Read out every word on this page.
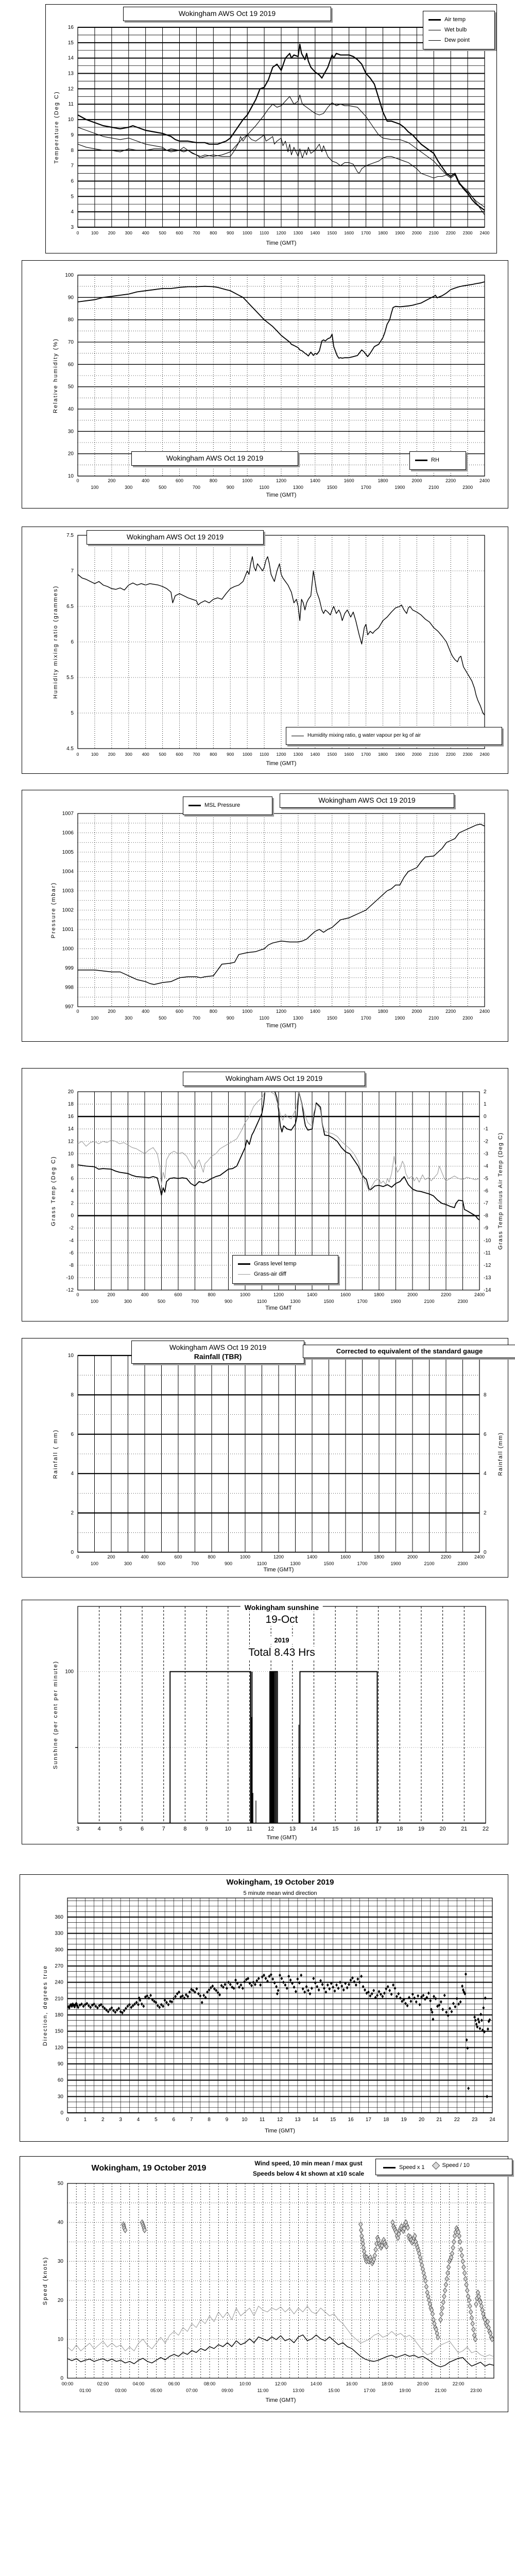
3
4
5
6
7
8
9
10
11
12
13
14
15
16
0	100 200 300 400 500 600 700 800 900 1000 1100 1200 1300 1400 1500 1600 1700 1800 1900 2000 2100 2200 2300 2400
Time (GMT)
Temperature (Deg C)
Wokingham AWS Oct 19 2019
Air temp
Wet bulb
Dew point
10
20
30
40
50
60
70
80
90
100
0
100
200
300
400
500
600
700
800
900
1000
1100
1200
1300
1400
1500
1600
1700
1800
1900
2000
2100
2200
2300
2400
Time (GMT)
Relative humidity (%)
Wokingham AWS Oct 19 2019	RH
4.5
5
5.5
6
6.5
7
7.5
0	100 200 300 400 500 600 700 800 900 1000 1100 1200 1300 1400 1500 1600 1700 1800 1900 2000 2100 2200 2300 2400
Time (GMT)
Humidity mixing ratio (grammes)
Wokingham AWS Oct 19 2019
Humidity mixing ratio, g water vapour per kg of air
997
998
999
1000
1001
1002
1003
1004
1005
1006
1007
0
100
200
300
400
500
600
700
800
900
1000
1100
1200
1300
1400
1500
1600
1700
1800
1900
2000
2100
2200
2300
2400
Time (GMT)
Pressure (mbar)
MSL Pressure
Wokingham AWS Oct 19 2019
-12
-10
-8
-6
-4
-2
0
2
4
6
8
10
12
14
16
18
20
-14
-13
-12
-11
-10
-9
-8
-7
-6
-5
-4
-3
-2
-1
0
1
2
0
100
200
300
400
500
600
700
800
900
1000
1100
1200
1300
1400
1500
1600
1700
1800
1900
2000
2100
2200
2300
2400
Time GMT
Grass Temp (Deg C)	Grass Temp minus Air Temp (Deg C)
Wokingham AWS Oct 19 2019
Grass level temp
Grass-air diff
0
2
4
6
8
10
0
2
4
6
8
0
100
200
300
400
500
600
700
800
900
1000
1100
1200
1300
1400
1500
1600
1700
1800
1900
2000
2100
2200
2300
2400
Time (GMT)
Rainfall ( mm)	Rainfall (mm)
Wokingham AWS Oct 19 2019
Rainfall (TBR)
Corrected to equivalent of the standard gauge
100
3	4	5	6	7	8	9	10	11	12	13	14	15	16	17	18	19	20	21	22
Time (GMT)
Sunshine (per cent per minute)
Wokingham sunshine
19-Oct
2019
Total 8.43 Hrs
0
30
60
90
120
150
180
210
240
270
300
330
360
0	1	2	3	4	5	6	7	8	9	10 11 12 13 14 15 16 17 18 19 20 21 22 23 24
Time (GMT)
Direction, degrees true
Wokingham, 19 October 2019
5 minute mean wind direction
0
10
20
30
40
50
00:00
01:00
02:00
03:00
04:00
05:00
06:00
07:00
08:00
09:00
10:00
11:00
12:00
13:00
14:00
15:00
16:00
17:00
18:00
19:00
20:00
21:00
22:00
23:00
Time (GMT)
Speed (knots)
Wokingham, 19 October 2019
Wind speed, 10 min mean / max gust
Speeds below 4 kt shown at x10 scale
Speed x 1	Speed / 10
